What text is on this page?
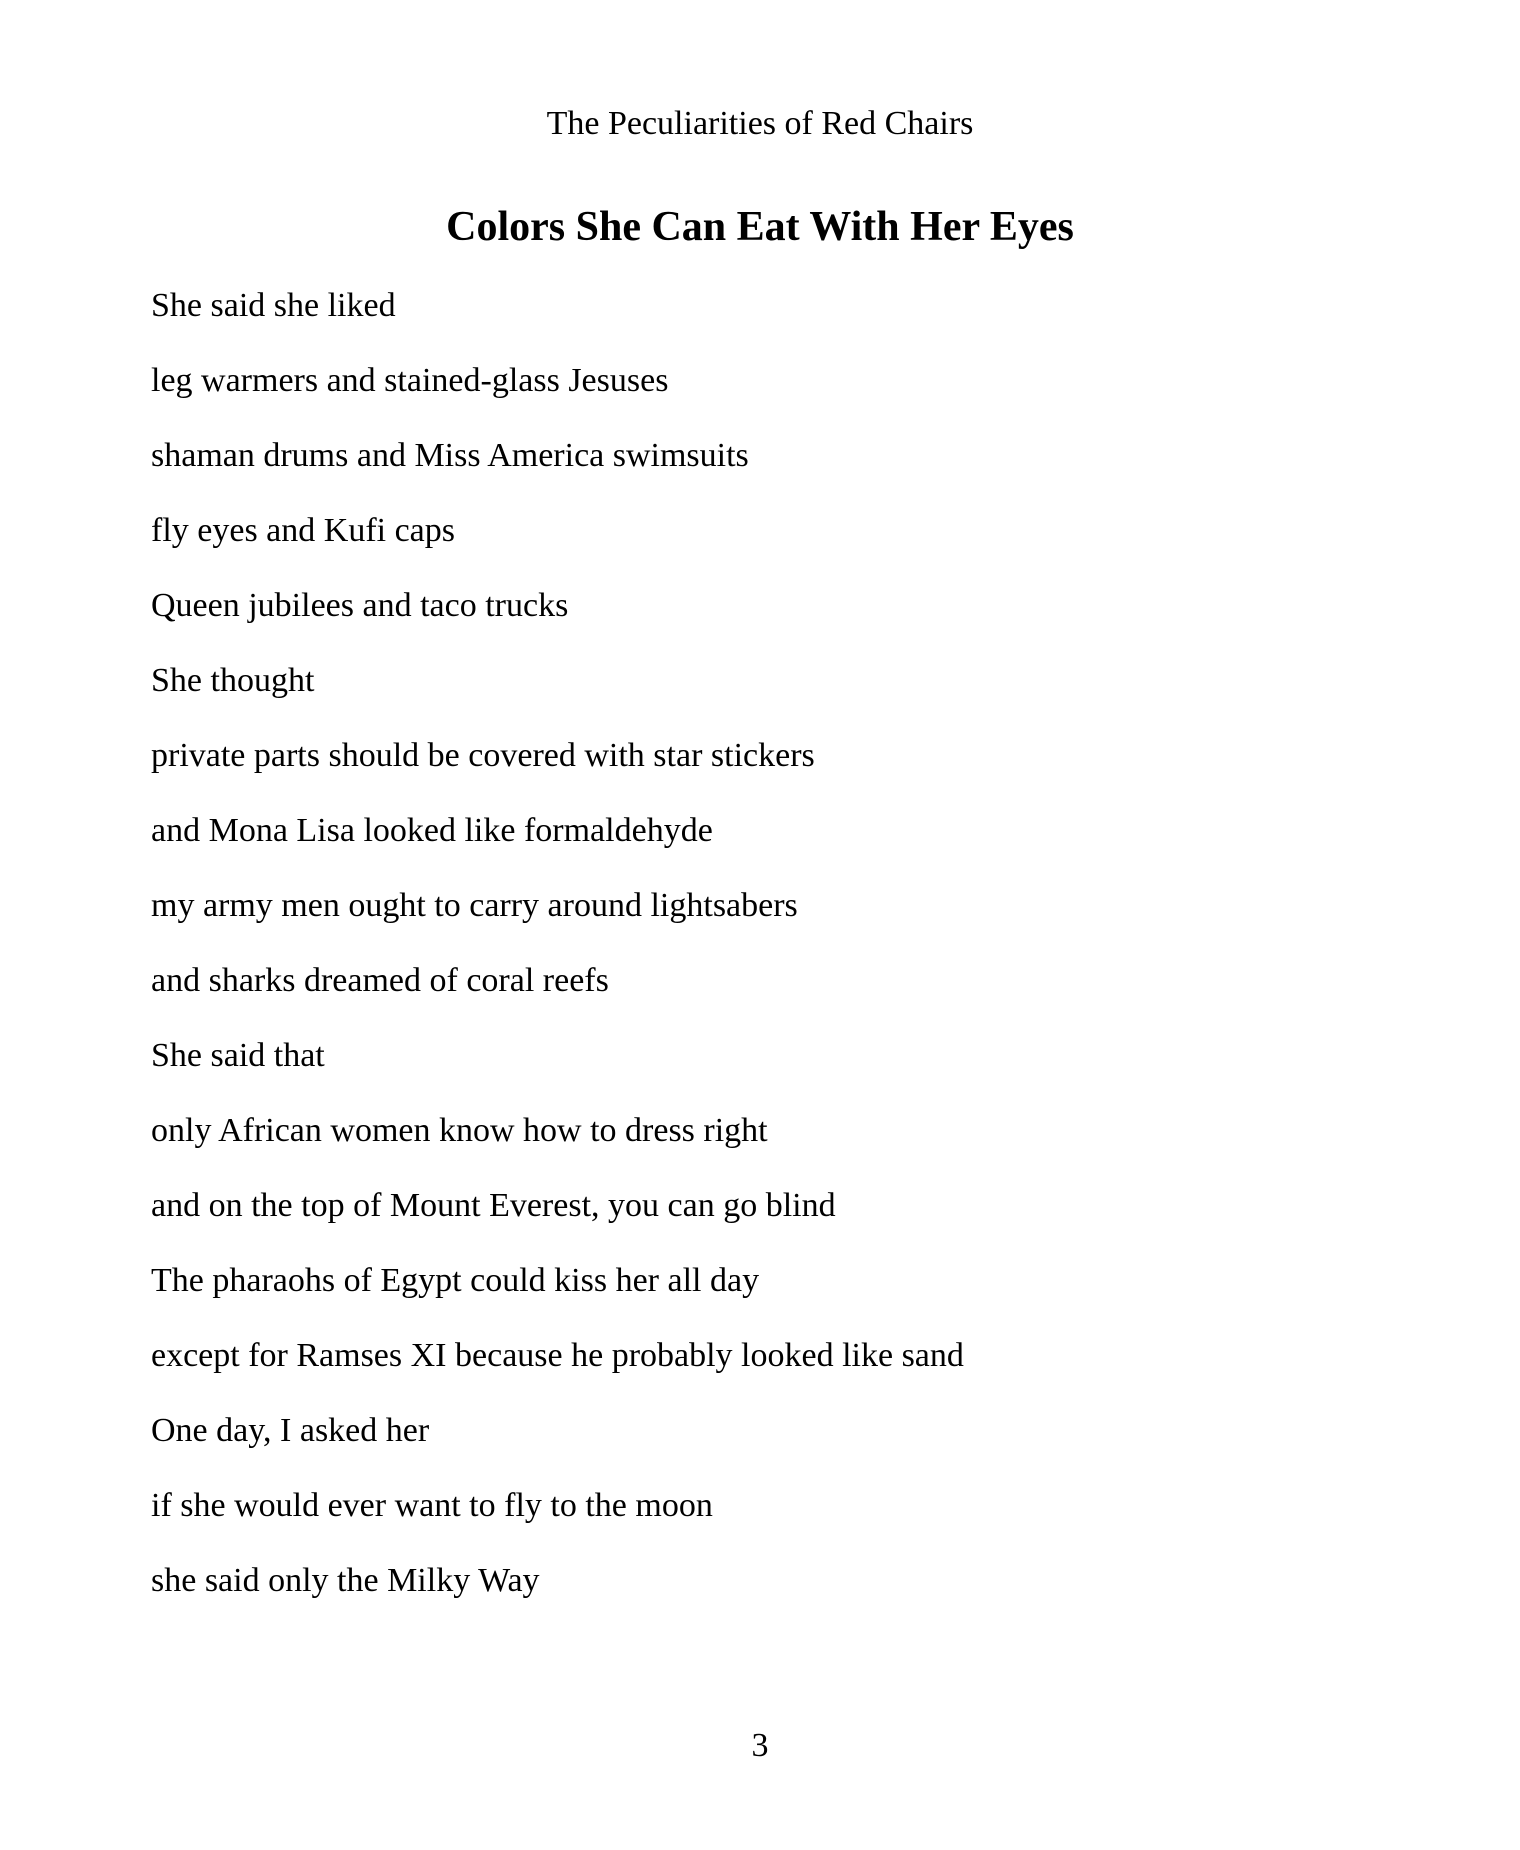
The Peculiarities of Red Chairs
Colors She Can Eat With Her Eyes
She said she liked
leg warmers and stained-glass Jesuses
shaman drums and Miss America swimsuits
fly eyes and Kufi caps
Queen jubilees and taco trucks
She thought
private parts should be covered with star stickers
and Mona Lisa looked like formaldehyde
my army men ought to carry around lightsabers
and sharks dreamed of coral reefs
She said that
only African women know how to dress right
and on the top of Mount Everest, you can go blind
The pharaohs of Egypt could kiss her all day
except for Ramses XI because he probably looked like sand
One day, I asked her
if she would ever want to fly to the moon
she said only the Milky Way
3
